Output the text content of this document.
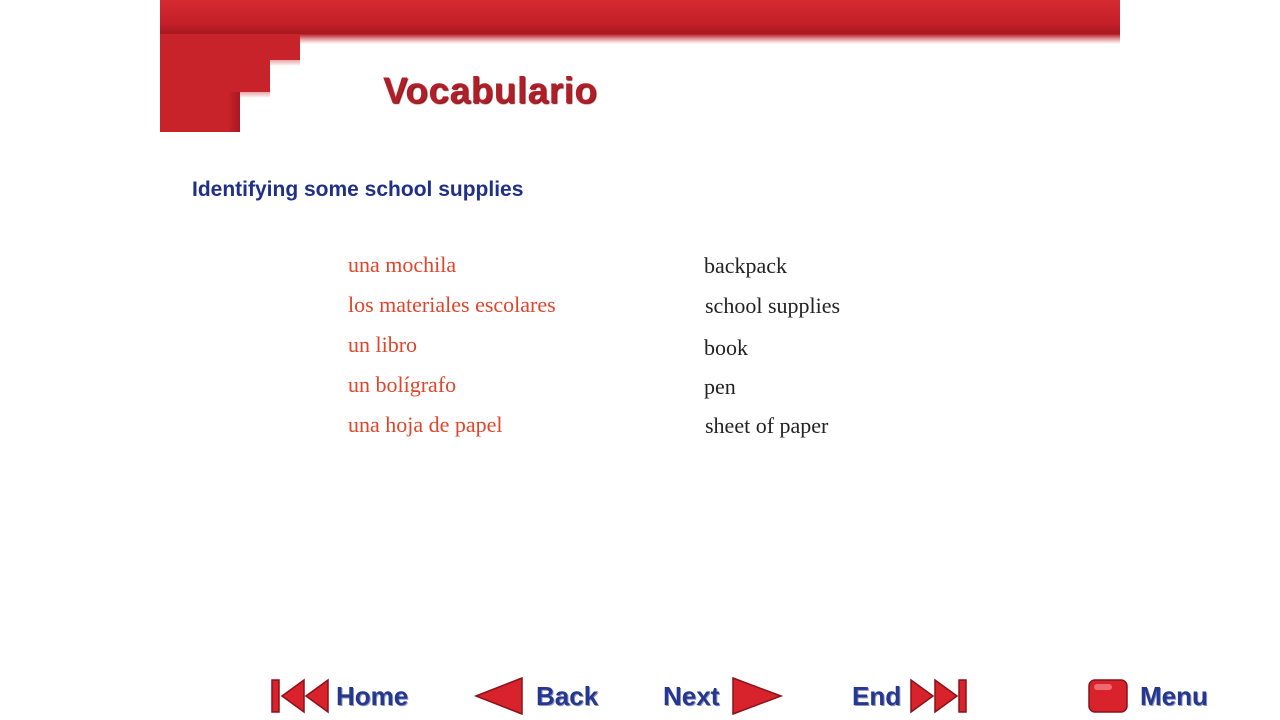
Vocabulario
Identifying some school supplies
una mochila	backpack
los materiales escolares	school supplies
un libro	book
un bolígrafo	pen
una hoja de papel	sheet of paper
Home	Back Next	End	Menu
